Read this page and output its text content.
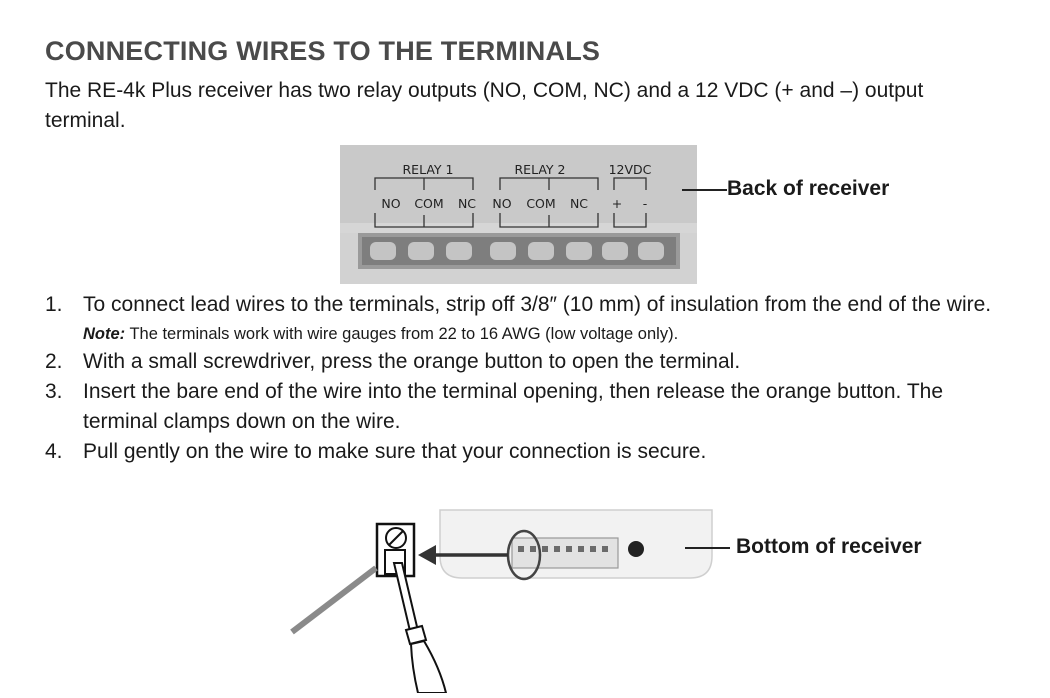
CONNECTING WIRES TO THE TERMINALS

The RE-4k Plus receiver has two relay outputs (NO, COM, NC) and a 12 VDC (+ and –) output terminal.

RELAY 1	RELAY 2	12VDC
NO COM NC NO COM NC + -
Back of receiver
1. To connect lead wires to the terminals, strip off 3/8″ (10 mm) of insulation from the end of the wire.

Note: The terminals work with wire gauges from 22 to 16 AWG (low voltage only).

2. With a small screwdriver, press the orange button to open the terminal.
3. Insert the bare end of the wire into the terminal opening, then release the orange button. The terminal clamps down on the wire.
4. Pull gently on the wire to make sure that your connection is secure.
Bottom of receiver
